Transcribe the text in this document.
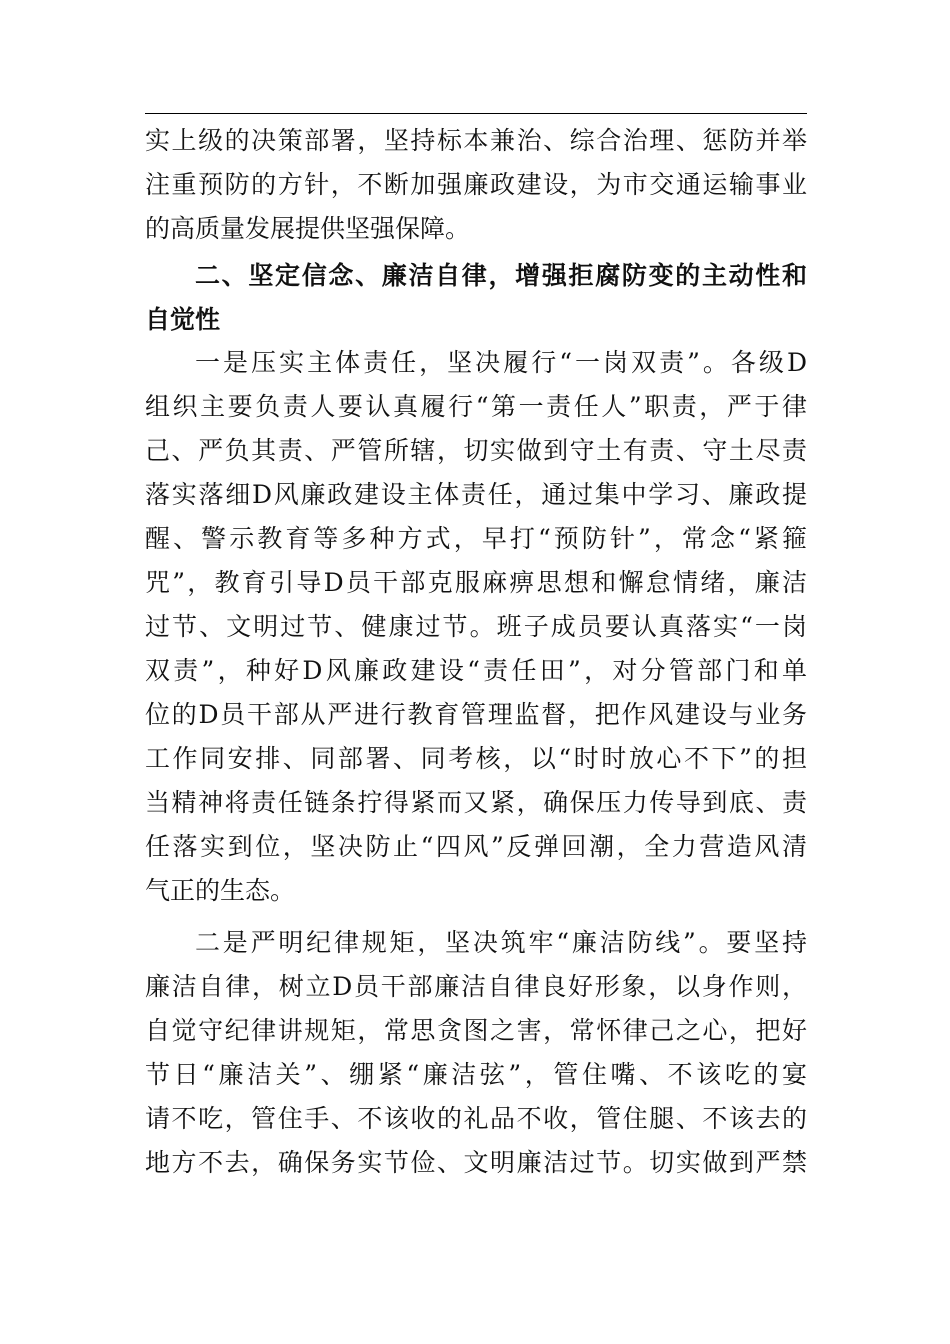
实上级的决策部署，坚持标本兼治、综合治理、惩防并举
注重预防的方针，不断加强廉政建设，为市交通运输事业
的高质量发展提供坚强保障。
二、坚定信念、廉洁自律，增强拒腐防变的主动性和
自觉性
一是压实主体责任，坚决履行“一岗双责”。各级D
组织主要负责人要认真履行“第一责任人”职责，严于律
己、严负其责、严管所辖，切实做到守土有责、守土尽责
落实落细D风廉政建设主体责任，通过集中学习、廉政提
醒、警示教育等多种方式，早打“预防针”，常念“紧箍
咒”，教育引导D员干部克服麻痹思想和懈怠情绪，廉洁
过节、文明过节、健康过节。班子成员要认真落实“一岗
双责”，种好D风廉政建设“责任田”，对分管部门和单
位的D员干部从严进行教育管理监督，把作风建设与业务
工作同安排、同部署、同考核，以“时时放心不下”的担
当精神将责任链条拧得紧而又紧，确保压力传导到底、责
任落实到位，坚决防止“四风”反弹回潮，全力营造风清
气正的生态。
二是严明纪律规矩，坚决筑牢“廉洁防线”。要坚持
廉洁自律，树立D员干部廉洁自律良好形象，以身作则，
自觉守纪律讲规矩，常思贪图之害，常怀律己之心，把好
节日“廉洁关”、绷紧“廉洁弦”，管住嘴、不该吃的宴
请不吃，管住手、不该收的礼品不收，管住腿、不该去的
地方不去，确保务实节俭、文明廉洁过节。切实做到严禁
